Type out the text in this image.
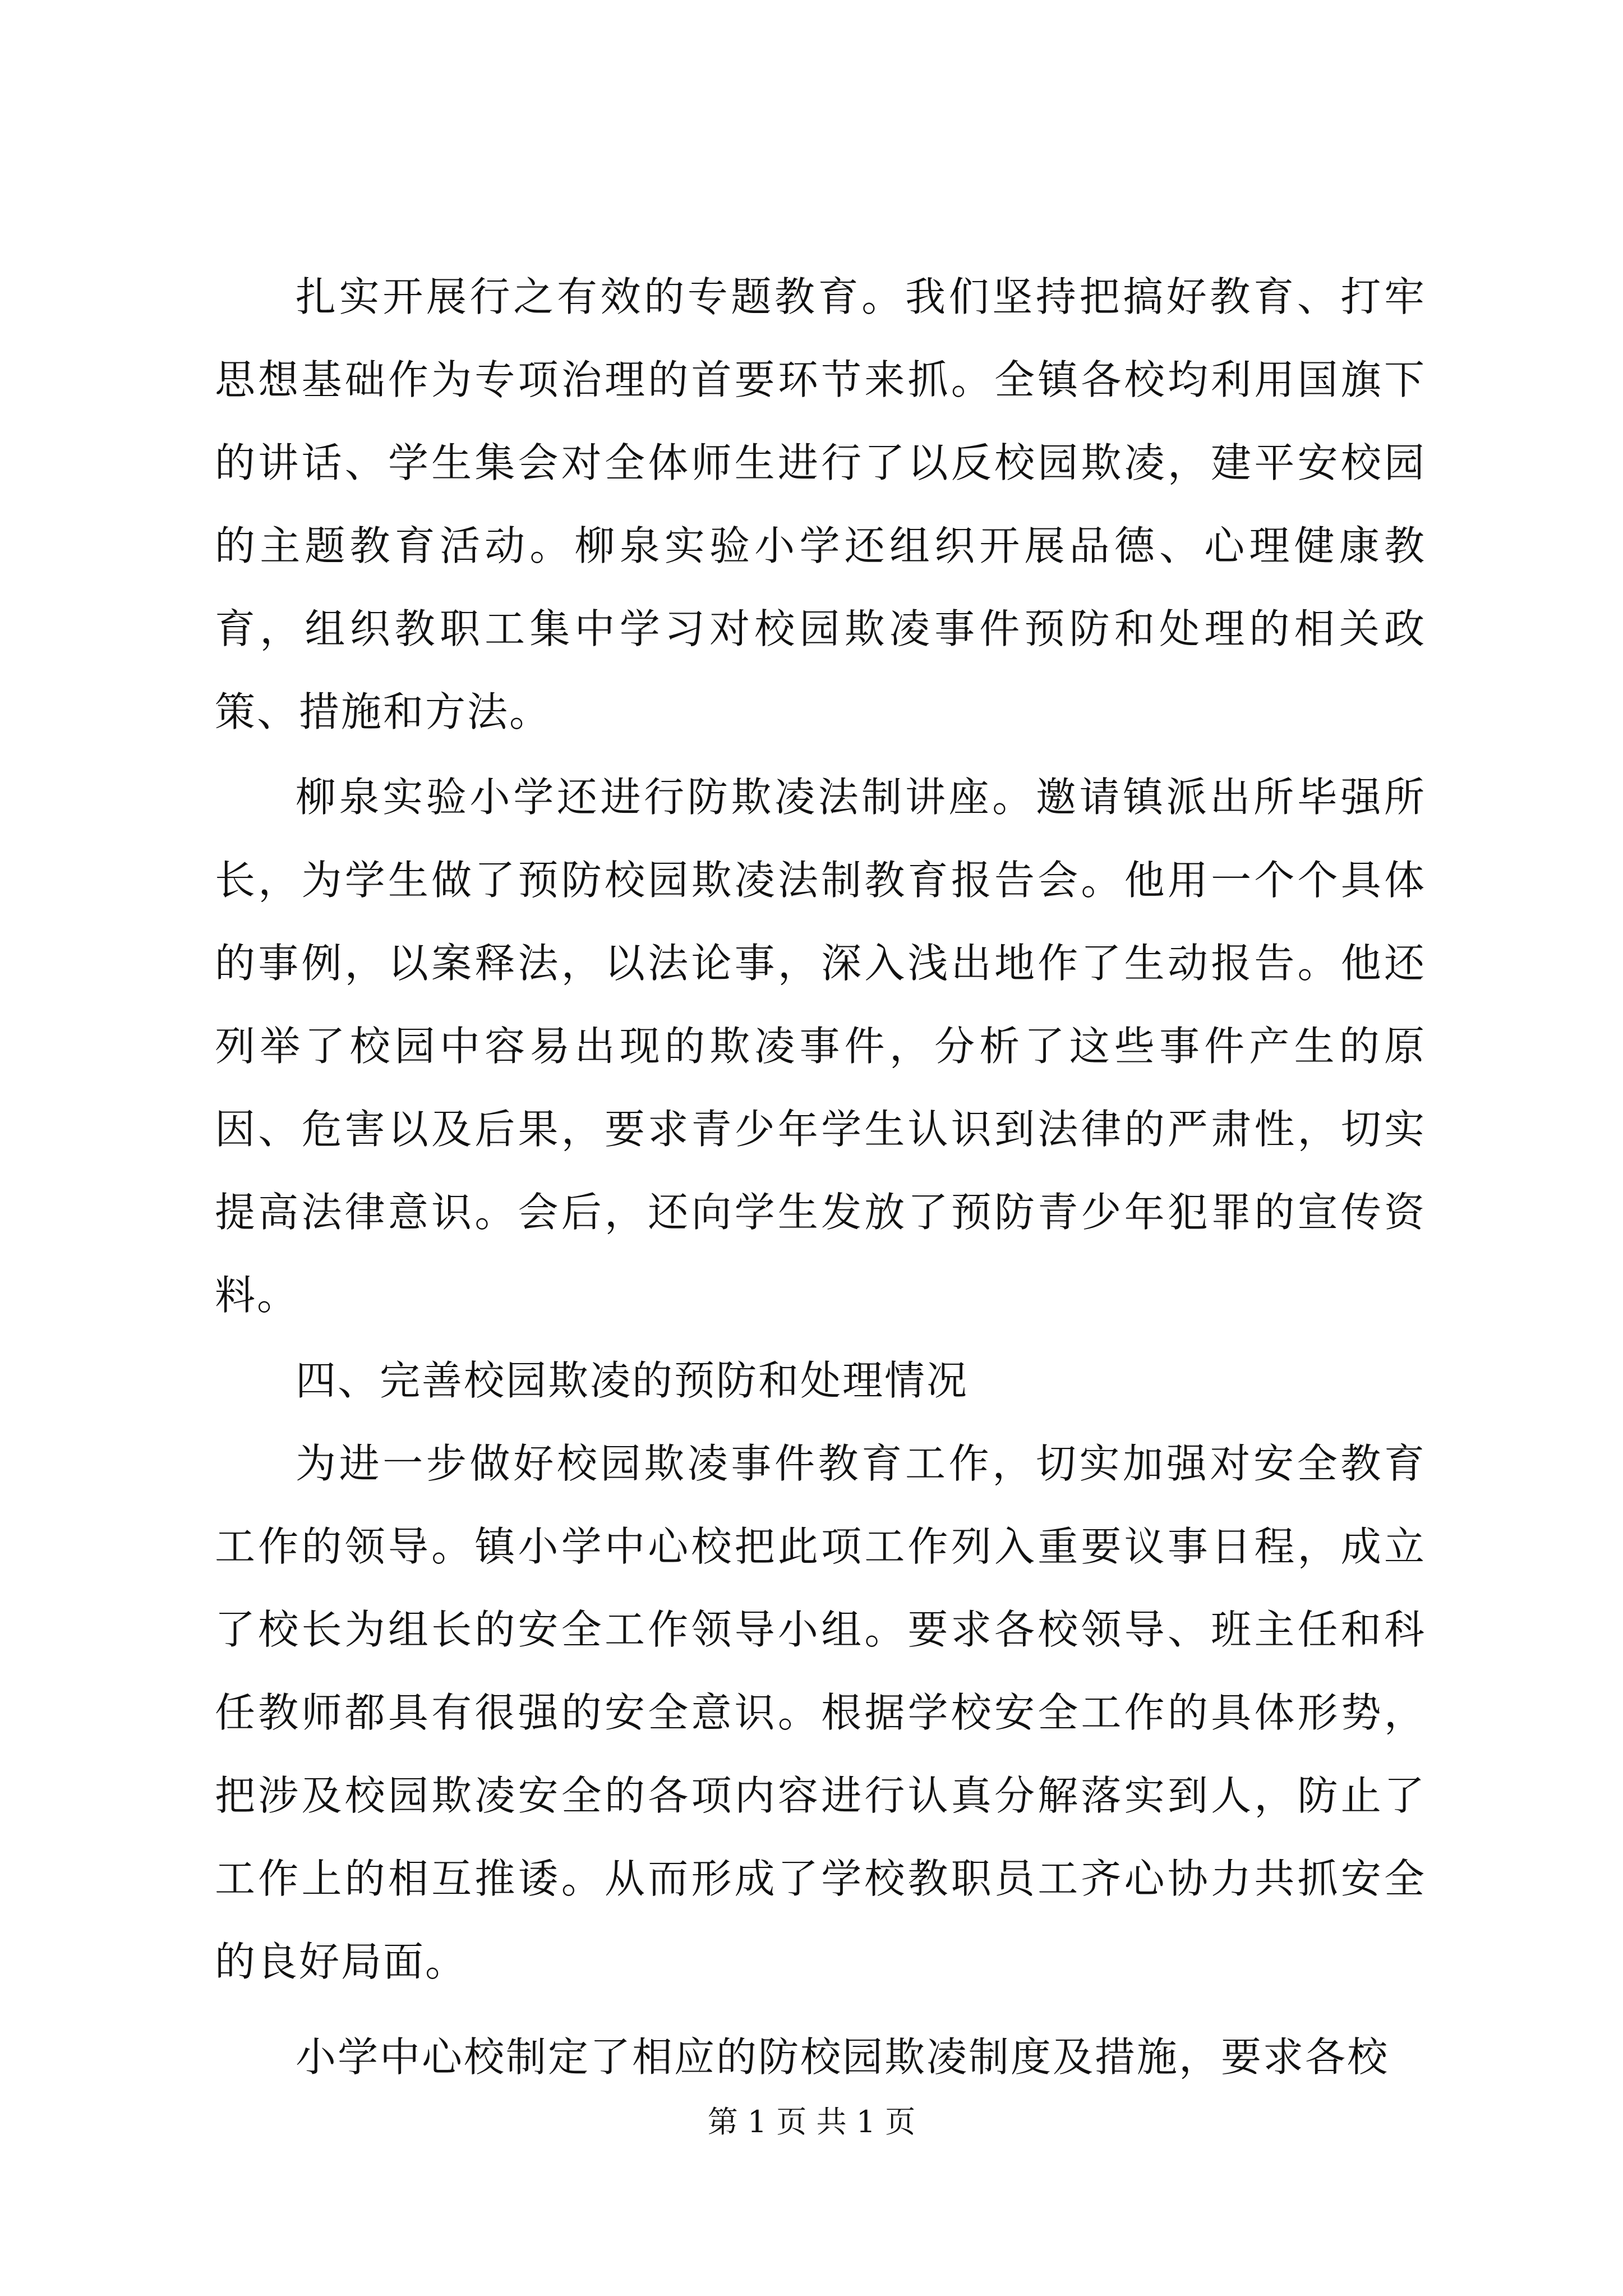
扎实开展行之有效的专题教育。我们坚持把搞好教育、打牢思想基础作为专项治理的首要环节来抓。全镇各校均利用国旗下的讲话、学生集会对全体师生进行了以反校园欺凌，建平安校园的主题教育活动。柳泉实验小学还组织开展品德、心理健康教育，组织教职工集中学习对校园欺凌事件预防和处理的相关政策、措施和方法。

柳泉实验小学还进行防欺凌法制讲座。邀请镇派出所毕强所长，为学生做了预防校园欺凌法制教育报告会。他用一个个具体的事例，以案释法，以法论事，深入浅出地作了生动报告。他还列举了校园中容易出现的欺凌事件，分析了这些事件产生的原因、危害以及后果，要求青少年学生认识到法律的严肃性，切实提高法律意识。会后，还向学生发放了预防青少年犯罪的宣传资料。

四、完善校园欺凌的预防和处理情况

为进一步做好校园欺凌事件教育工作，切实加强对安全教育工作的领导。镇小学中心校把此项工作列入重要议事日程，成立了校长为组长的安全工作领导小组。要求各校领导、班主任和科任教师都具有很强的安全意识。根据学校安全工作的具体形势，把涉及校园欺凌安全的各项内容进行认真分解落实到人，防止了工作上的相互推诿。从而形成了学校教职员工齐心协力共抓安全的良好局面。

小学中心校制定了相应的防校园欺凌制度及措施，要求各校

第 1 页 共 1 页
